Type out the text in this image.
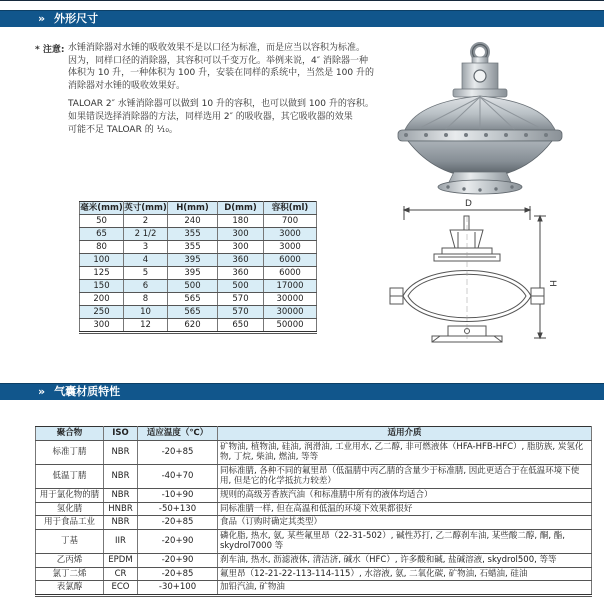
» 外形尺寸
* 注意: 水锤消除器对水锤的吸收效果不是以口径为标准，而是应当以容积为标准。
因为，同样口径的消除器，其容积可以千变万化。举例来说，4″ 消除器一种
体积为 10 升，一种体积为 100 升，安装在同样的系统中，当然是 100 升的
消除器对水锤的吸收效果好。
TALOAR 2″ 水锤消除器可以做到 10 升的容积，也可以做到 100 升的容积。
如果错误选择消除器的方法，同样选用 2″ 的吸收器，其它吸收器的效果
可能不足 TALOAR 的 ⅒。
毫米(mm)	英寸(mm)	H(mm)	D(mm)	容积(ml)
50	2	240	180	700
65	2 1/2	355	300	3000
80	3	355	300	3000
100	4	395	360	6000
125	5	395	360	6000
150	6	500	500	17000
200	8	565	570	30000
250	10	565	570	30000
300	12	620	650	50000
D
H
» 气囊材质特性
聚合物	ISO	适应温度（℃）	适用介质
标准丁腈	NBR	-20+85	矿物油, 植物油, 硅油, 润滑油, 工业用水, 乙二醇, 非可燃液体（HFA-HFB-HFC）, 脂肪族, 炭氢化物, 丁烷, 柴油, 燃油, 等等
低温丁腈	NBR	-40+70	同标准腈, 各种不同的氟里昂（低温腈中丙乙腈的含量少于标准腈, 因此更适合于在低温环境下使用, 但是它的化学抵抗力较差）
用于氯化物的腈	NBR	-10+90	规则的高级芳香族汽油（和标准腈中所有的液体均适合）
氢化腈	HNBR	-50+130	同标准腈一样, 但在高温和低温的环境下效果都很好
用于食品工业	NBR	-20+85	食品（订购时确定其类型）
丁基	IIR	-20+90	磷化脂, 热水, 氨, 某些氟里昂（22-31-502）, 碱性苏打, 乙二醇刹车油, 某些酸二醇, 酮, 酯, skydrol7000 等
乙丙烯	EPDM	-20+90	刹车油, 热水, 沥滤液体, 清洁济, 碱水（HFC）, 许多酸和碱, 盐碱溶液, skydrol500, 等等
氯丁二烯	CR	-20+85	氟里昂（12-21-22-113-114-115）, 水溶液, 氨, 二氧化碳, 矿物油, 石蜡油, 硅油
表氯醇	ECO	-30+100	加铅汽油, 矿物油
